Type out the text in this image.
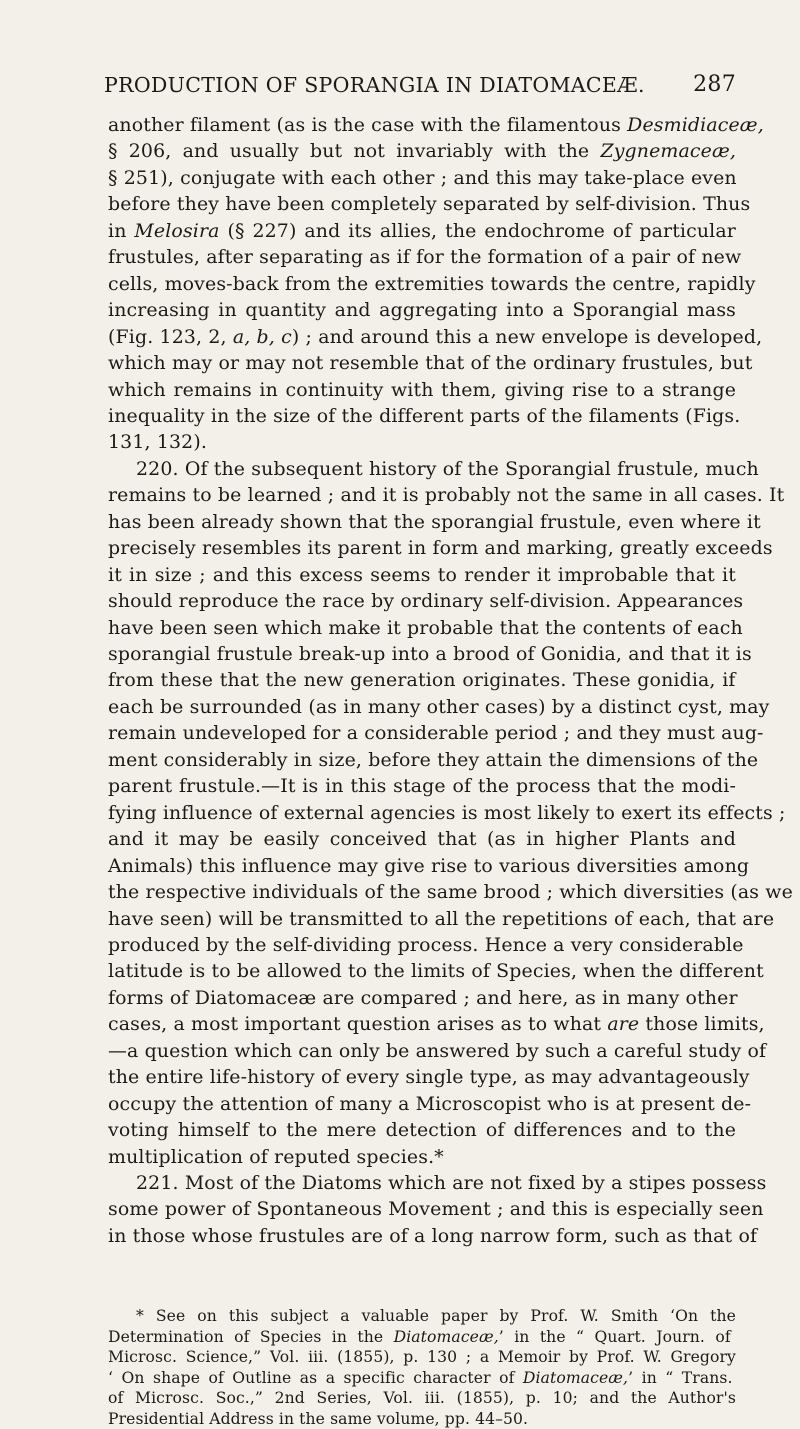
PRODUCTION OF SPORANGIA IN DIATOMACEÆ. 287
another filament (as is the case with the filamentous Desmidiaceæ,
§ 206, and usually but not invariably with the Zygnemaceæ,
§ 251), conjugate with each other ; and this may take-place even
before they have been completely separated by self-division. Thus
in Melosira (§ 227) and its allies, the endochrome of particular
frustules, after separating as if for the formation of a pair of new
cells, moves-back from the extremities towards the centre, rapidly
increasing in quantity and aggregating into a Sporangial mass
(Fig. 123, 2, a, b, c) ; and around this a new envelope is developed,
which may or may not resemble that of the ordinary frustules, but
which remains in continuity with them, giving rise to a strange
inequality in the size of the different parts of the filaments (Figs.
131, 132).
220. Of the subsequent history of the Sporangial frustule, much
remains to be learned ; and it is probably not the same in all cases. It
has been already shown that the sporangial frustule, even where it
precisely resembles its parent in form and marking, greatly exceeds
it in size ; and this excess seems to render it improbable that it
should reproduce the race by ordinary self-division. Appearances
have been seen which make it probable that the contents of each
sporangial frustule break-up into a brood of Gonidia, and that it is
from these that the new generation originates. These gonidia, if
each be surrounded (as in many other cases) by a distinct cyst, may
remain undeveloped for a considerable period ; and they must aug-
ment considerably in size, before they attain the dimensions of the
parent frustule.—It is in this stage of the process that the modi-
fying influence of external agencies is most likely to exert its effects ;
and it may be easily conceived that (as in higher Plants and
Animals) this influence may give rise to various diversities among
the respective individuals of the same brood ; which diversities (as we
have seen) will be transmitted to all the repetitions of each, that are
produced by the self-dividing process. Hence a very considerable
latitude is to be allowed to the limits of Species, when the different
forms of Diatomaceæ are compared ; and here, as in many other
cases, a most important question arises as to what are those limits,
—a question which can only be answered by such a careful study of
the entire life-history of every single type, as may advantageously
occupy the attention of many a Microscopist who is at present de-
voting himself to the mere detection of differences and to the
multiplication of reputed species.*
221. Most of the Diatoms which are not fixed by a stipes possess
some power of Spontaneous Movement ; and this is especially seen
in those whose frustules are of a long narrow form, such as that of
* See on this subject a valuable paper by Prof. W. Smith ‘On the
Determination of Species in the Diatomaceæ,’ in the “ Quart. Journ. of
Microsc. Science,” Vol. iii. (1855), p. 130 ; a Memoir by Prof. W. Gregory
‘ On shape of Outline as a specific character of Diatomaceæ,’ in “ Trans.
of Microsc. Soc.,” 2nd Series, Vol. iii. (1855), p. 10; and the Author's
Presidential Address in the same volume, pp. 44–50.
